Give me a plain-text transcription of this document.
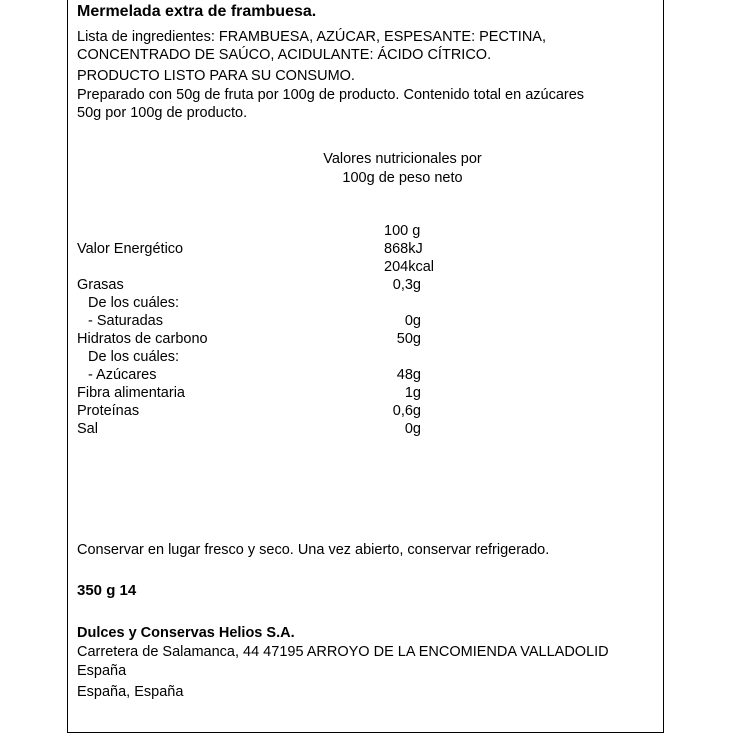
Mermelada extra de frambuesa.
Lista de ingredientes: FRAMBUESA, AZÚCAR, ESPESANTE: PECTINA,
CONCENTRADO DE SAÚCO, ACIDULANTE: ÁCIDO CÍTRICO.
PRODUCTO LISTO PARA SU CONSUMO.
Preparado con 50g de fruta por 100g de producto. Contenido total en azúcares
50g por 100g de producto.
Valores nutricionales por
100g de peso neto
100 g
Valor Energético	868kJ
204kcal
Grasas	0,3g
De los cuáles:
- Saturadas	0g
Hidratos de carbono	50g
De los cuáles:
- Azúcares	48g
Fibra alimentaria	1g
Proteínas	0,6g
Sal	0g
Conservar en lugar fresco y seco. Una vez abierto, conservar refrigerado.
350 g 14
Dulces y Conservas Helios S.A.
Carretera de Salamanca, 44 47195 ARROYO DE LA ENCOMIENDA VALLADOLID
España
España, España
